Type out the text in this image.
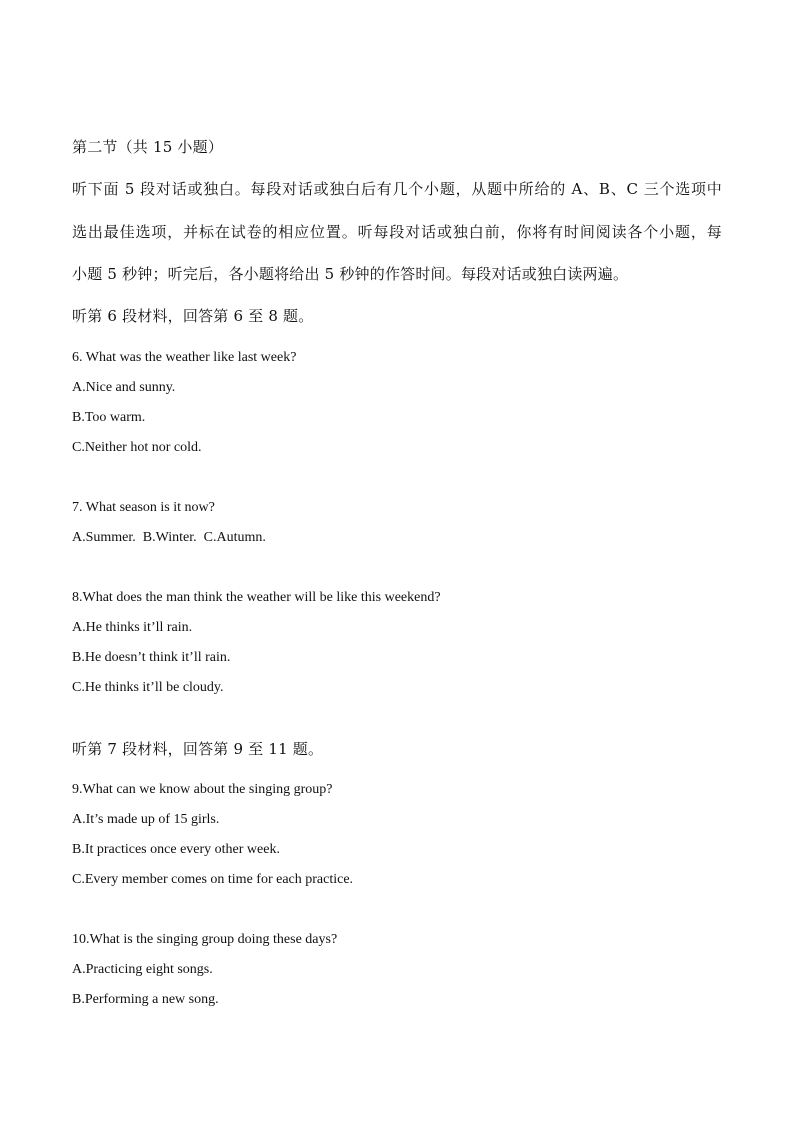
第二节（共 15 小题）
听下面 5 段对话或独白。每段对话或独白后有几个小题，从题中所给的 A、B、C 三个选项中
选出最佳选项，并标在试卷的相应位置。听每段对话或独白前，你将有时间阅读各个小题，每
小题 5 秒钟；听完后，各小题将给出 5 秒钟的作答时间。每段对话或独白读两遍。
听第 6 段材料，回答第 6 至 8 题。
6. What was the weather like last week?
A.Nice and sunny.
B.Too warm.
C.Neither hot nor cold.
7. What season is it now?
A.Summer.  B.Winter.  C.Autumn.
8.What does the man think the weather will be like this weekend?
A.He thinks it’ll rain.
B.He doesn’t think it’ll rain.
C.He thinks it’ll be cloudy.
听第 7 段材料，回答第 9 至 11 题。
9.What can we know about the singing group?
A.It’s made up of 15 girls.
B.It practices once every other week.
C.Every member comes on time for each practice.
10.What is the singing group doing these days?
A.Practicing eight songs.
B.Performing a new song.
